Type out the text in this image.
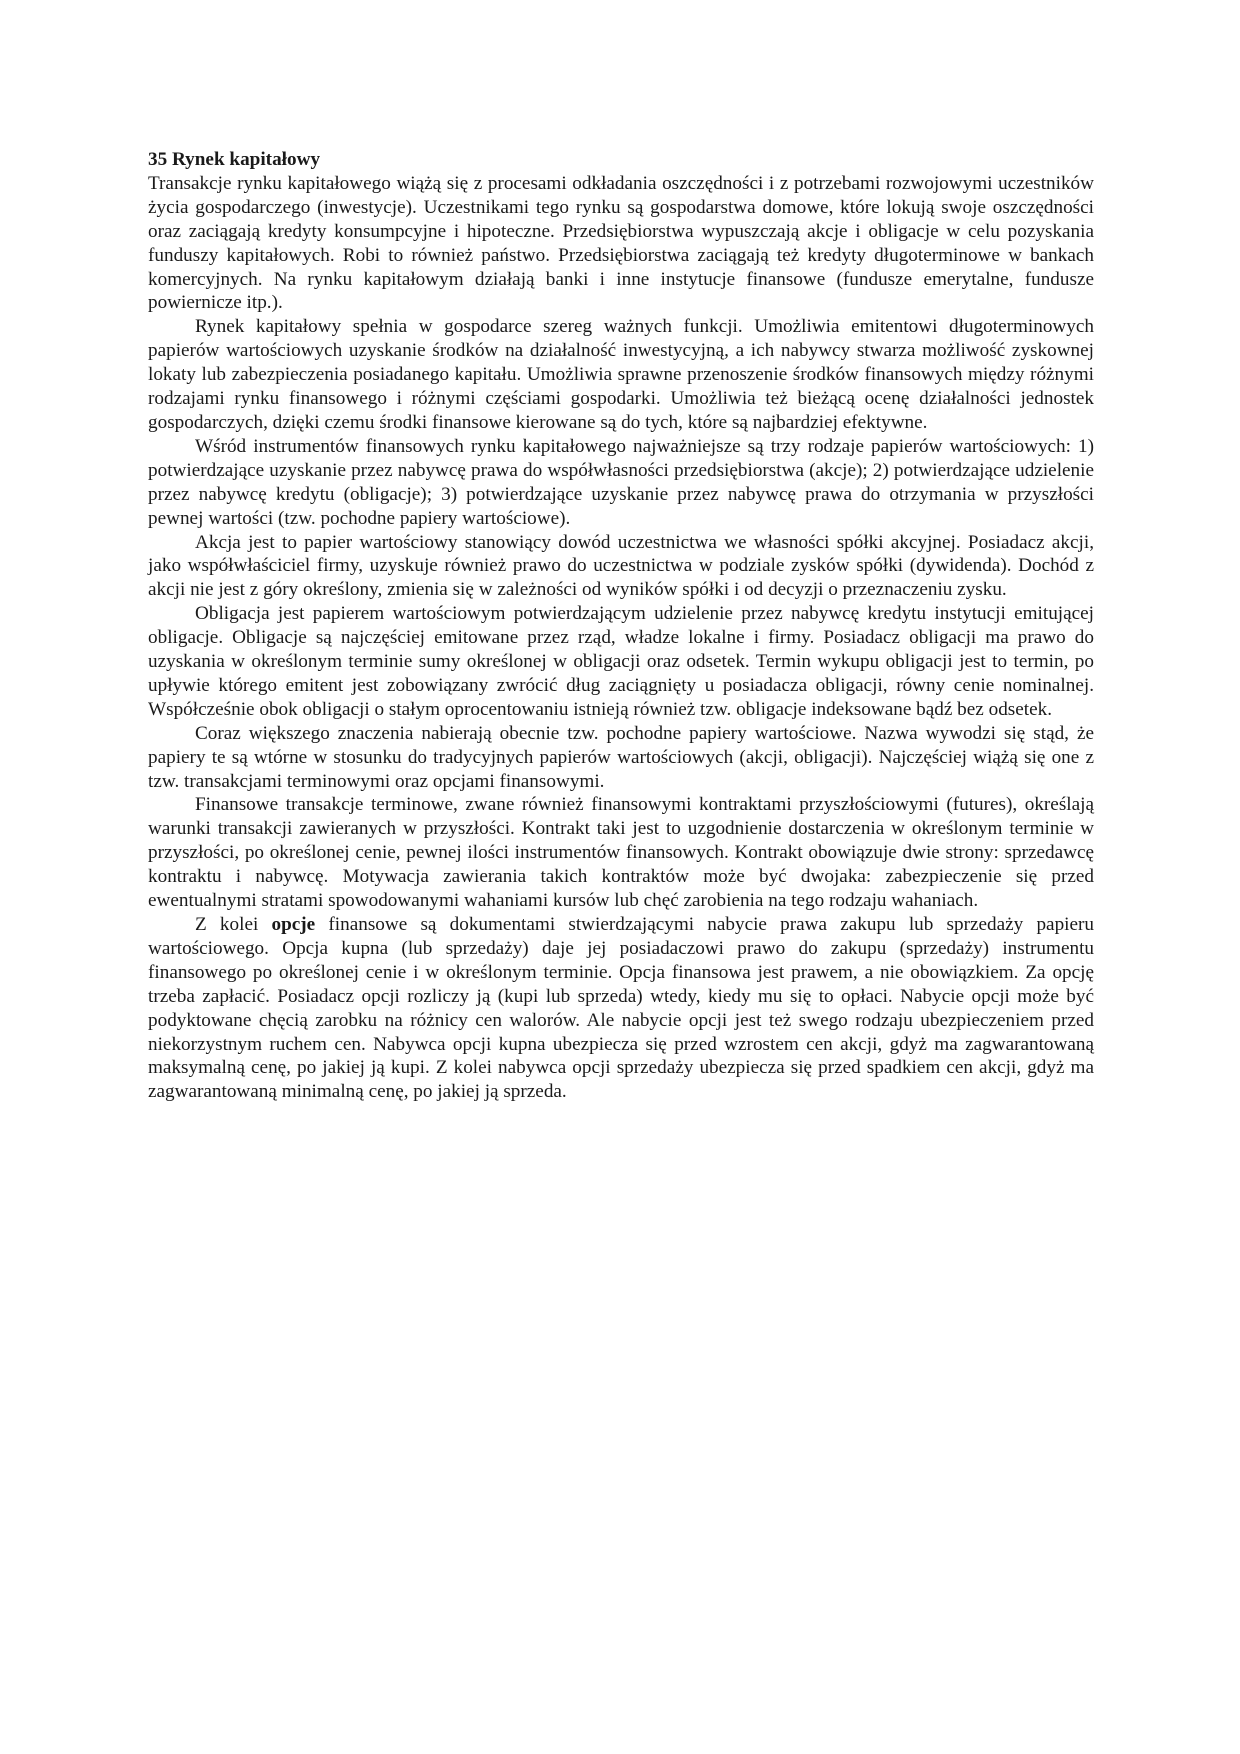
35 Rynek kapitałowy

Transakcje rynku kapitałowego wiążą się z procesami odkładania oszczędności i z potrzebami rozwojowymi uczestników życia gospodarczego (inwestycje). Uczestnikami tego rynku są gospodarstwa domowe, które lokują swoje oszczędności oraz zaciągają kredyty konsumpcyjne i hipoteczne. Przedsiębiorstwa wypuszczają akcje i obligacje w celu pozyskania funduszy kapitałowych. Robi to również państwo. Przedsiębiorstwa zaciągają też kredyty długoterminowe w bankach komercyjnych. Na rynku kapitałowym działają banki i inne instytucje finansowe (fundusze emerytalne, fundusze powiernicze itp.).

Rynek kapitałowy spełnia w gospodarce szereg ważnych funkcji. Umożliwia emitentowi długoterminowych papierów wartościowych uzyskanie środków na działalność inwestycyjną, a ich nabywcy stwarza możliwość zyskownej lokaty lub zabezpieczenia posiadanego kapitału. Umożliwia sprawne przenoszenie środków finansowych między różnymi rodzajami rynku finansowego i różnymi częściami gospodarki. Umożliwia też bieżącą ocenę działalności jednostek gospodarczych, dzięki czemu środki finansowe kierowane są do tych, które są najbardziej efektywne.

Wśród instrumentów finansowych rynku kapitałowego najważniejsze są trzy rodzaje papierów wartościowych: 1) potwierdzające uzyskanie przez nabywcę prawa do współwłasności przedsiębiorstwa (akcje); 2) potwierdzające udzielenie przez nabywcę kredytu (obligacje); 3) potwierdzające uzyskanie przez nabywcę prawa do otrzymania w przyszłości pewnej wartości (tzw. pochodne papiery wartościowe).

Akcja jest to papier wartościowy stanowiący dowód uczestnictwa we własności spółki akcyjnej. Posiadacz akcji, jako współwłaściciel firmy, uzyskuje również prawo do uczestnictwa w podziale zysków spółki (dywidenda). Dochód z akcji nie jest z góry określony, zmienia się w zależności od wyników spółki i od decyzji o przeznaczeniu zysku.

Obligacja jest papierem wartościowym potwierdzającym udzielenie przez nabywcę kredytu instytucji emitującej obligacje. Obligacje są najczęściej emitowane przez rząd, władze lokalne i firmy. Posiadacz obligacji ma prawo do uzyskania w określonym terminie sumy określonej w obligacji oraz odsetek. Termin wykupu obligacji jest to termin, po upływie którego emitent jest zobowiązany zwrócić dług zaciągnięty u posiadacza obligacji, równy cenie nominalnej. Współcześnie obok obligacji o stałym oprocentowaniu istnieją również tzw. obligacje indeksowane bądź bez odsetek.

Coraz większego znaczenia nabierają obecnie tzw. pochodne papiery wartościowe. Nazwa wywodzi się stąd, że papiery te są wtórne w stosunku do tradycyjnych papierów wartościowych (akcji, obligacji). Najczęściej wiążą się one z tzw. transakcjami terminowymi oraz opcjami finansowymi.

Finansowe transakcje terminowe, zwane również finansowymi kontraktami przyszłościowymi (futures), określają warunki transakcji zawieranych w przyszłości. Kontrakt taki jest to uzgodnienie dostarczenia w określonym terminie w przyszłości, po określonej cenie, pewnej ilości instrumentów finansowych. Kontrakt obowiązuje dwie strony: sprzedawcę kontraktu i nabywcę. Motywacja zawierania takich kontraktów może być dwojaka: zabezpieczenie się przed ewentualnymi stratami spowodowanymi wahaniami kursów lub chęć zarobienia na tego rodzaju wahaniach.

Z kolei opcje finansowe są dokumentami stwierdzającymi nabycie prawa zakupu lub sprzedaży papieru wartościowego. Opcja kupna (lub sprzedaży) daje jej posiadaczowi prawo do zakupu (sprzedaży) instrumentu finansowego po określonej cenie i w określonym terminie. Opcja finansowa jest prawem, a nie obowiązkiem. Za opcję trzeba zapłacić. Posiadacz opcji rozliczy ją (kupi lub sprzeda) wtedy, kiedy mu się to opłaci. Nabycie opcji może być podyktowane chęcią zarobku na różnicy cen walorów. Ale nabycie opcji jest też swego rodzaju ubezpieczeniem przed niekorzystnym ruchem cen. Nabywca opcji kupna ubezpiecza się przed wzrostem cen akcji, gdyż ma zagwarantowaną maksymalną cenę, po jakiej ją kupi. Z kolei nabywca opcji sprzedaży ubezpiecza się przed spadkiem cen akcji, gdyż ma zagwarantowaną minimalną cenę, po jakiej ją sprzeda.
